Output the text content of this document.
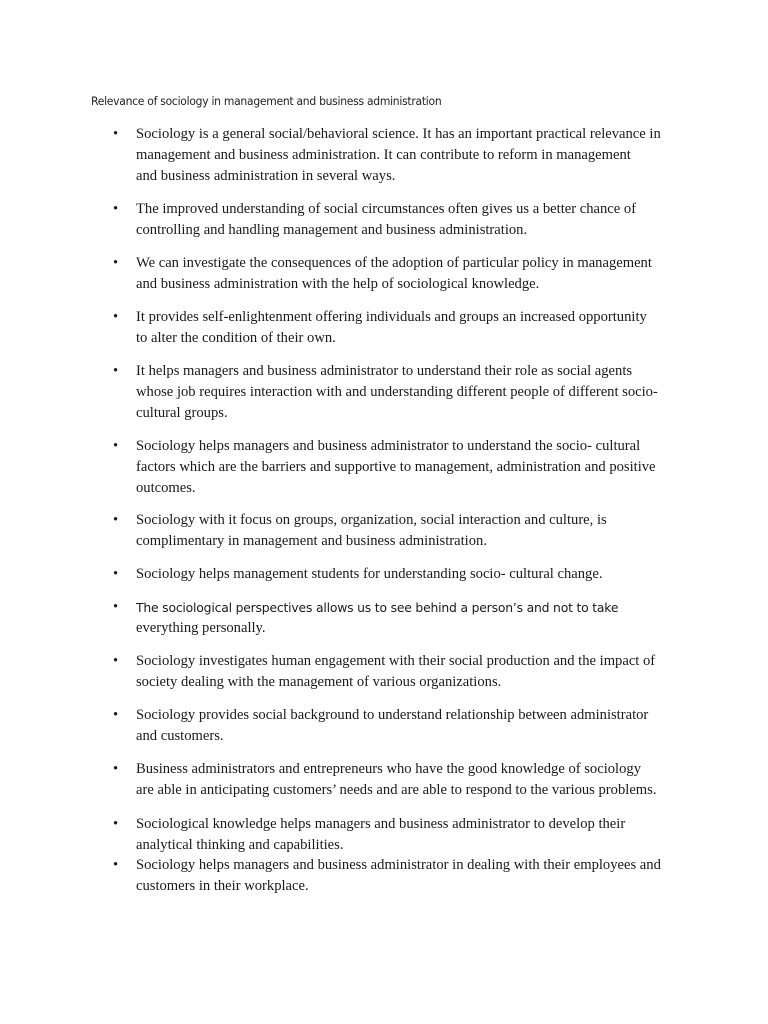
Relevance of sociology in management and business administration
• Sociology is a general social/behavioral science. It has an important practical relevance in
management and business administration. It can contribute to reform in management
and business administration in several ways.
• The improved understanding of social circumstances often gives us a better chance of
controlling and handling management and business administration.
• We can investigate the consequences of the adoption of particular policy in management
and business administration with the help of sociological knowledge.
• It provides self-enlightenment offering individuals and groups an increased opportunity
to alter the condition of their own.
• It helps managers and business administrator to understand their role as social agents
whose job requires interaction with and understanding different people of different socio-
cultural groups.
• Sociology helps managers and business administrator to understand the socio- cultural
factors which are the barriers and supportive to management, administration and positive
outcomes.
• Sociology with it focus on groups, organization, social interaction and culture, is
complimentary in management and business administration.
• Sociology helps management students for understanding socio- cultural change.
• The sociological perspectives allows us to see behind a person’s and not to take
everything personally.
• Sociology investigates human engagement with their social production and the impact of
society dealing with the management of various organizations.
• Sociology provides social background to understand relationship between administrator
and customers.
• Business administrators and entrepreneurs who have the good knowledge of sociology
are able in anticipating customers’ needs and are able to respond to the various problems.
• Sociological knowledge helps managers and business administrator to develop their
analytical thinking and capabilities.
• Sociology helps managers and business administrator in dealing with their employees and
customers in their workplace.
